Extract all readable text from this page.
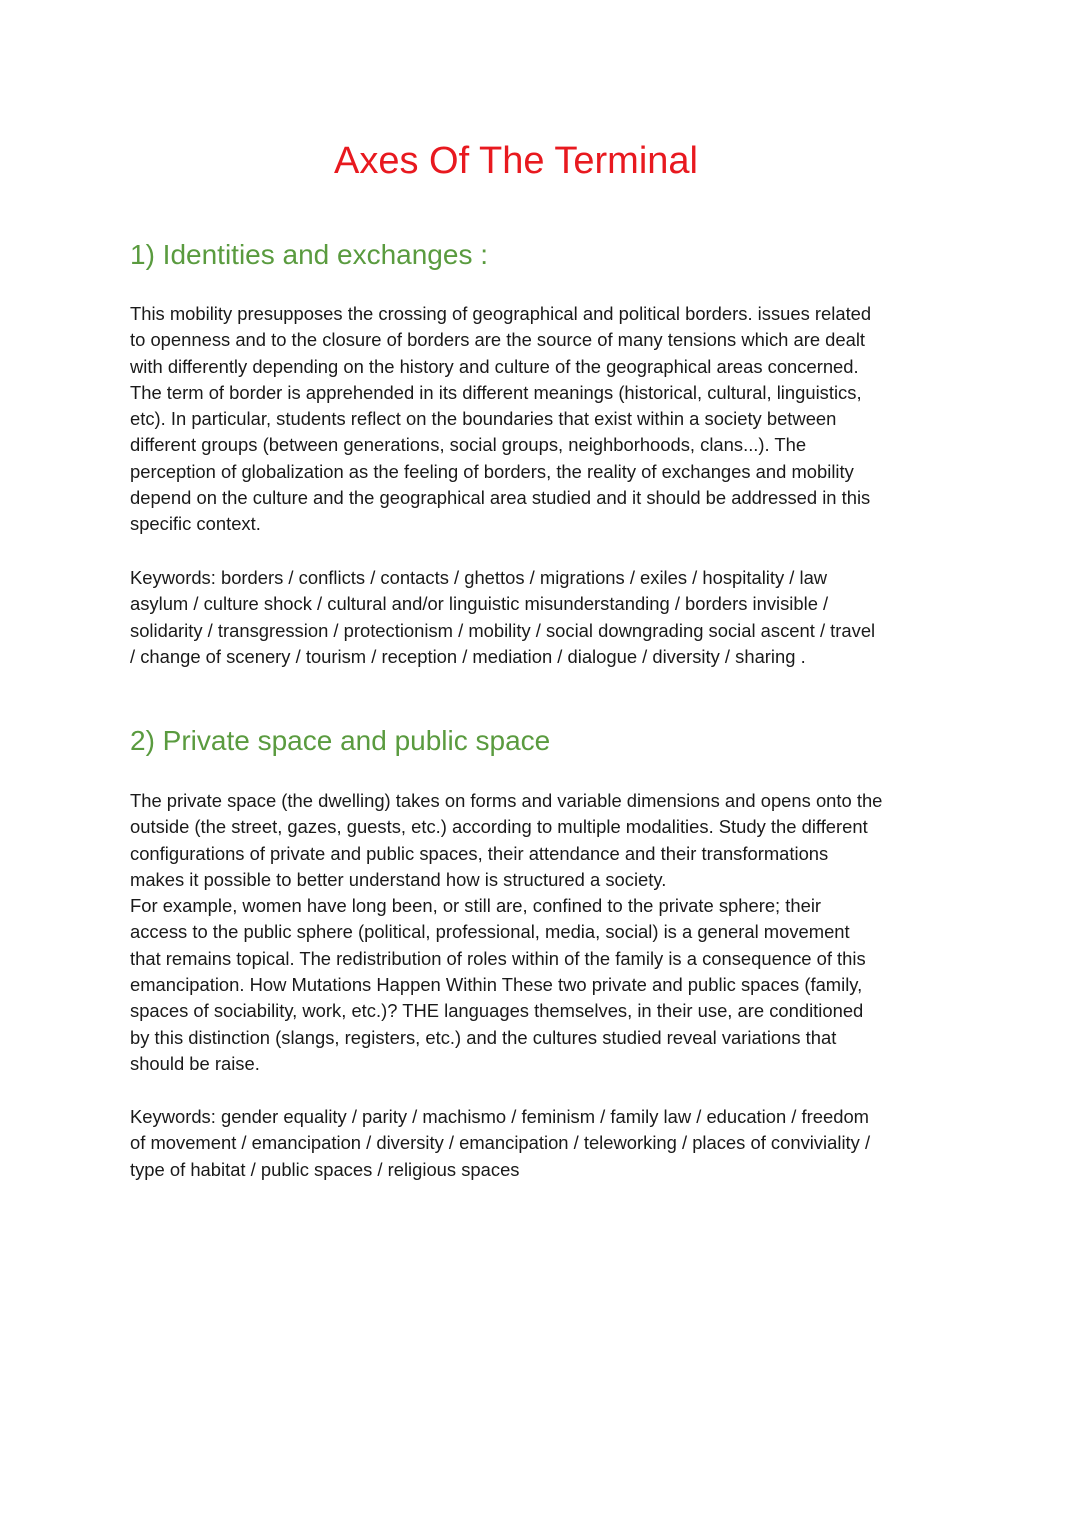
Axes Of The Terminal
1) Identities and exchanges :

This mobility presupposes the crossing of geographical and political borders. issues related
to openness and to the closure of borders are the source of many tensions which are dealt
with differently depending on the history and culture of the geographical areas concerned.
The term of border is apprehended in its different meanings (historical, cultural, linguistics,
etc). In particular, students reflect on the boundaries that exist within a society between
different groups (between generations, social groups, neighborhoods, clans...). The
perception of globalization as the feeling of borders, the reality of exchanges and mobility
depend on the culture and the geographical area studied and it should be addressed in this
specific context.

Keywords: borders / conflicts / contacts / ghettos / migrations / exiles / hospitality / law
asylum / culture shock / cultural and/or linguistic misunderstanding / borders invisible /
solidarity / transgression / protectionism / mobility / social downgrading social ascent / travel
/ change of scenery / tourism / reception / mediation / dialogue / diversity / sharing .

2) Private space and public space

The private space (the dwelling) takes on forms and variable dimensions and opens onto the
outside (the street, gazes, guests, etc.) according to multiple modalities. Study the different
configurations of private and public spaces, their attendance and their transformations
makes it possible to better understand how is structured a society.
For example, women have long been, or still are, confined to the private sphere; their
access to the public sphere (political, professional, media, social) is a general movement
that remains topical. The redistribution of roles within of the family is a consequence of this
emancipation. How Mutations Happen Within These two private and public spaces (family,
spaces of sociability, work, etc.)? THE languages themselves, in their use, are conditioned
by this distinction (slangs, registers, etc.) and the cultures studied reveal variations that
should be raise.

Keywords: gender equality / parity / machismo / feminism / family law / education / freedom
of movement / emancipation / diversity / emancipation / teleworking / places of conviviality /
type of habitat / public spaces / religious spaces
